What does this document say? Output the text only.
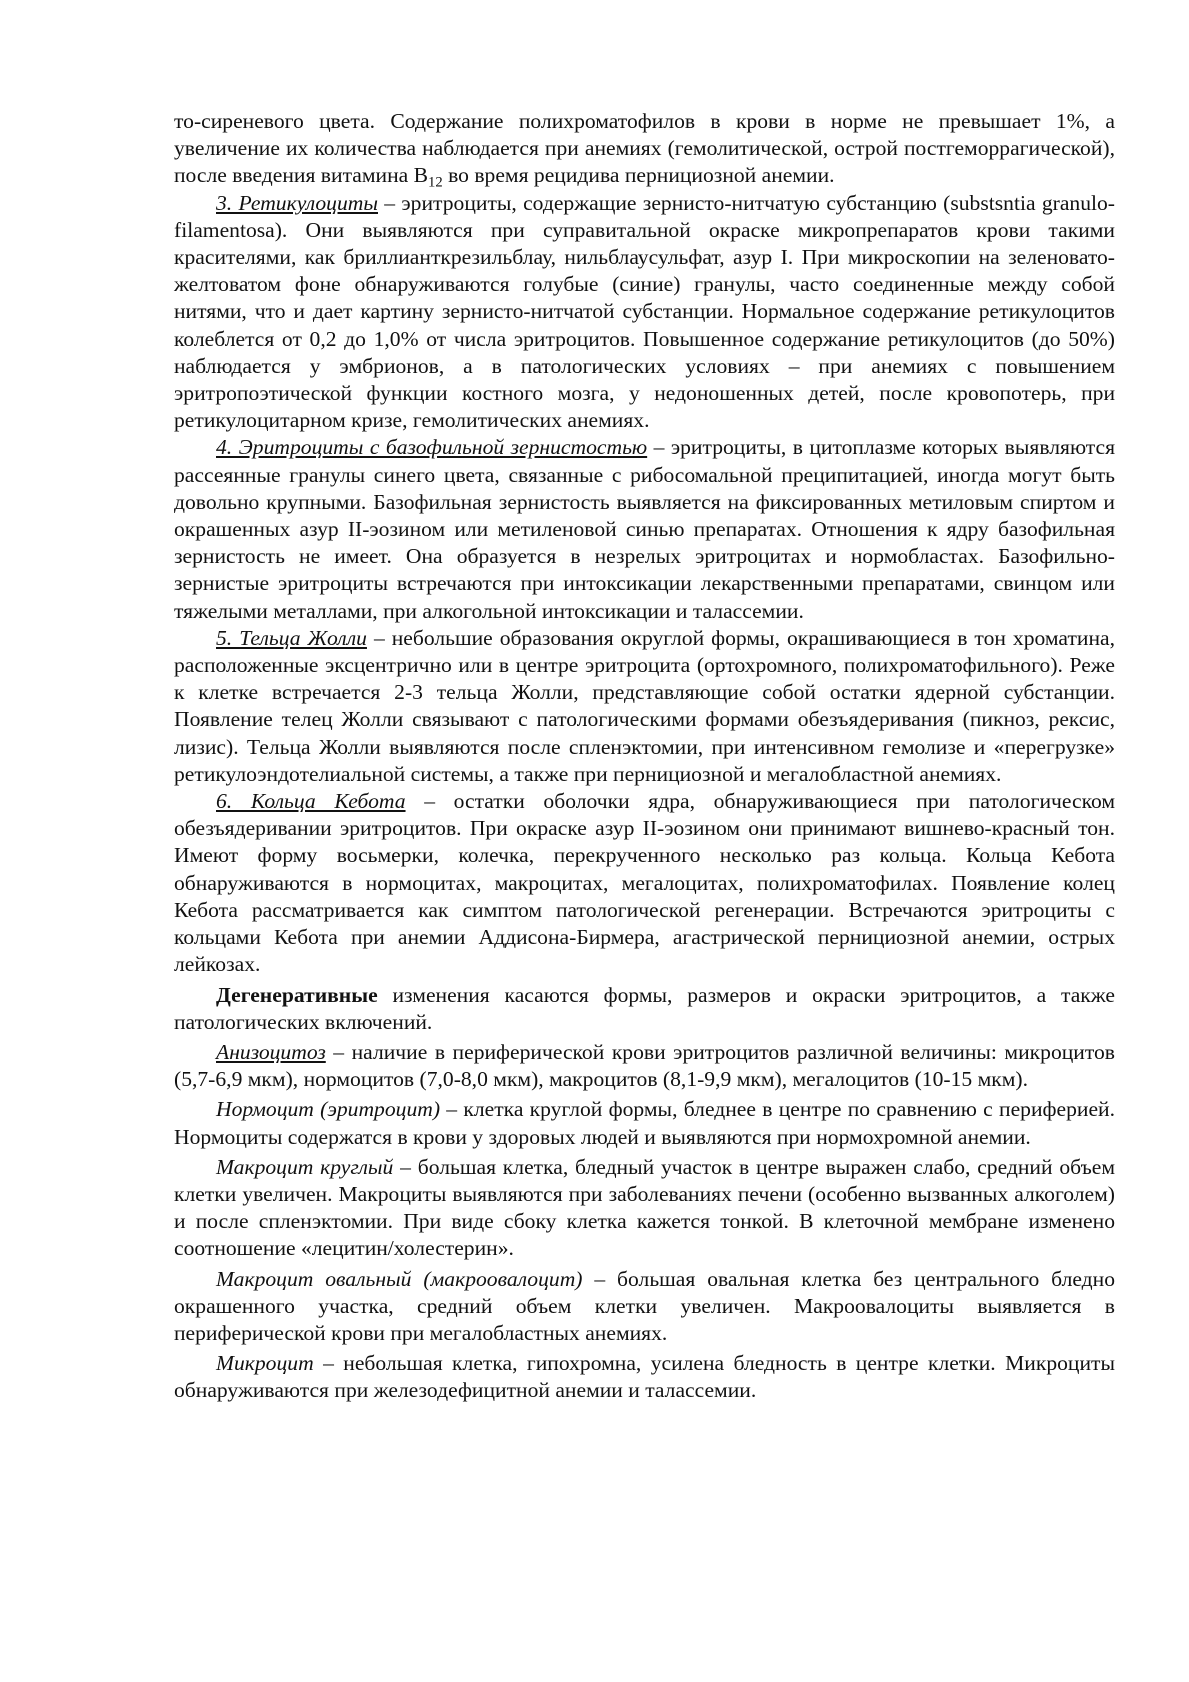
то-сиреневого цвета. Содержание полихроматофилов в крови в норме не превышает 1%, а увеличение их количества наблюдается при анемиях (гемолитической, острой постгеморрагической), после введения витамина $B_{12}$ во время рецидива пернициозной анемии.

3. Ретикулоциты – эритроциты, содержащие зернисто-нитчатую субстанцию (substsntia granulo-filamentosa). Они выявляются при суправитальной окраске микропрепаратов крови такими красителями, как бриллианткрезильблау, нильблаусульфат, азур I. При микроскопии на зеленовато-желтоватом фоне обнаруживаются голубые (синие) гранулы, часто соединенные между собой нитями, что и дает картину зернисто-нитчатой субстанции. Нормальное содержание ретикулоцитов колеблется от 0,2 до 1,0% от числа эритроцитов. Повышенное содержание ретикулоцитов (до 50%) наблюдается у эмбрионов, а в патологических условиях – при анемиях с повышением эритропоэтической функции костного мозга, у недоношенных детей, после кровопотерь, при ретикулоцитарном кризе, гемолитических анемиях.

4. Эритроциты с базофильной зернистостью – эритроциты, в цитоплазме которых выявляются рассеянные гранулы синего цвета, связанные с рибосомальной преципитацией, иногда могут быть довольно крупными. Базофильная зернистость выявляется на фиксированных метиловым спиртом и окрашенных азур II-эозином или метиленовой синью препаратах. Отношения к ядру базофильная зернистость не имеет. Она образуется в незрелых эритроцитах и нормобластах. Базофильно-зернистые эритроциты встречаются при интоксикации лекарственными препаратами, свинцом или тяжелыми металлами, при алкогольной интоксикации и талассемии.

5. Тельца Жолли – небольшие образования округлой формы, окрашивающиеся в тон хроматина, расположенные эксцентрично или в центре эритроцита (ортохромного, полихроматофильного). Реже к клетке встречается 2-3 тельца Жолли, представляющие собой остатки ядерной субстанции. Появление телец Жолли связывают с патологическими формами обезъядеривания (пикноз, рексис, лизис). Тельца Жолли выявляются после спленэктомии, при интенсивном гемолизе и «перегрузке» ретикулоэндотелиальной системы, а также при пернициозной и мегалобластной анемиях.

6. Кольца Кебота – остатки оболочки ядра, обнаруживающиеся при патологическом обезъядеривании эритроцитов. При окраске азур II-эозином они принимают вишнево-красный тон. Имеют форму восьмерки, колечка, перекрученного несколько раз кольца. Кольца Кебота обнаруживаются в нормоцитах, макроцитах, мегалоцитах, полихроматофилах. Появление колец Кебота рассматривается как симптом патологической регенерации. Встречаются эритроциты с кольцами Кебота при анемии Аддисона-Бирмера, агастрической пернициозной анемии, острых лейкозах.

Дегенеративные изменения касаются формы, размеров и окраски эритроцитов, а также патологических включений.

Анизоцитоз – наличие в периферической крови эритроцитов различной величины: микроцитов (5,7-6,9 мкм), нормоцитов (7,0-8,0 мкм), макроцитов (8,1-9,9 мкм), мегалоцитов (10-15 мкм).

Нормоцит (эритроцит) – клетка круглой формы, бледнее в центре по сравнению с периферией. Нормоциты содержатся в крови у здоровых людей и выявляются при нормохромной анемии.

Макроцит круглый – большая клетка, бледный участок в центре выражен слабо, средний объем клетки увеличен. Макроциты выявляются при заболеваниях печени (особенно вызванных алкоголем) и после спленэктомии. При виде сбоку клетка кажется тонкой. В клеточной мембране изменено соотношение «лецитин/холестерин».

Макроцит овальный (макроовалоцит) – большая овальная клетка без центрального бледно окрашенного участка, средний объем клетки увеличен. Макроовалоциты выявляется в периферической крови при мегалобластных анемиях.

Микроцит – небольшая клетка, гипохромна, усилена бледность в центре клетки. Микроциты обнаруживаются при железодефицитной анемии и талассемии.
